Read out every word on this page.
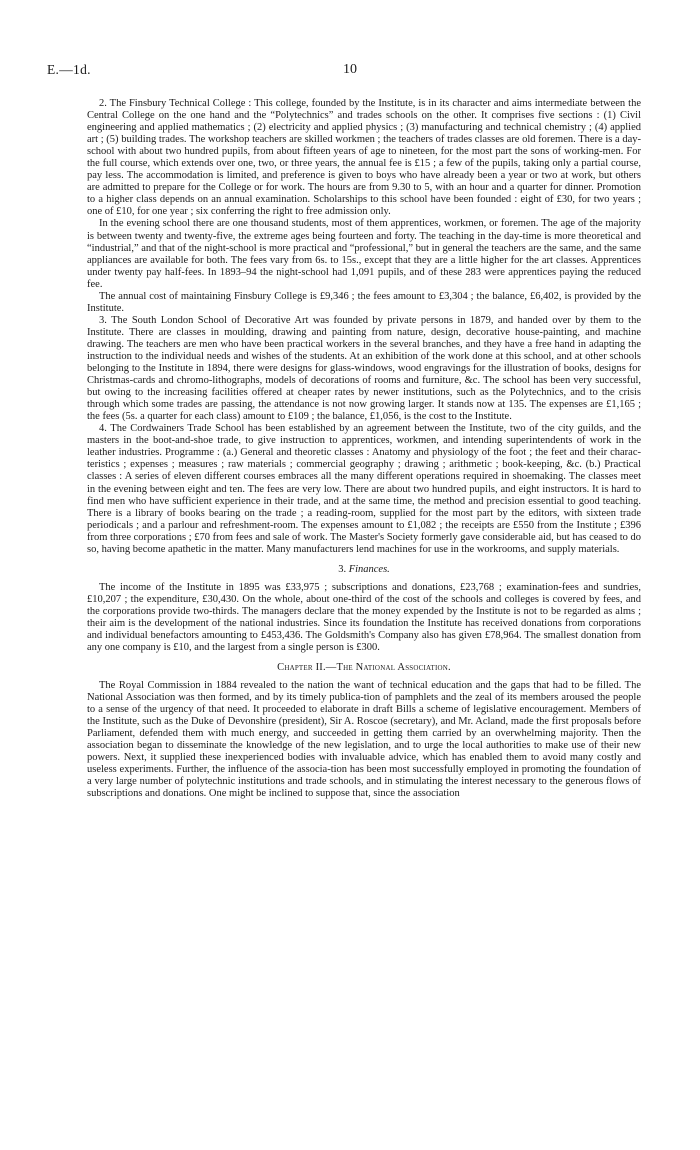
E.—1d.	10

2. The Finsbury Technical College : This college, founded by the Institute, is in its character and aims intermediate between the Central College on the one hand and the “Polytechnics” and trades schools on the other. It comprises five sections : (1) Civil engineering and applied mathematics ; (2) electricity and applied physics ; (3) manufacturing and technical chemistry ; (4) applied art ; (5) building trades. The workshop teachers are skilled workmen ; the teachers of trades classes are old foremen. There is a day-school with about two hundred pupils, from about fifteen years of age to nineteen, for the most part the sons of working-men. For the full course, which extends over one, two, or three years, the annual fee is £15 ; a few of the pupils, taking only a partial course, pay less. The accommodation is limited, and preference is given to boys who have already been a year or two at work, but others are admitted to prepare for the College or for work. The hours are from 9.30 to 5, with an hour and a quarter for dinner. Promotion to a higher class depends on an annual examination. Scholarships to this school have been founded : eight of £30, for two years ; one of £10, for one year ; six conferring the right to free admission only.

In the evening school there are one thousand students, most of them apprentices, workmen, or foremen. The age of the majority is between twenty and twenty-five, the extreme ages being fourteen and forty. The teaching in the day-time is more theoretical and “industrial,” and that of the night-school is more practical and “professional,” but in general the teachers are the same, and the same appliances are available for both. The fees vary from 6s. to 15s., except that they are a little higher for the art classes. Apprentices under twenty pay half-fees. In 1893–94 the night-school had 1,091 pupils, and of these 283 were apprentices paying the reduced fee.

The annual cost of maintaining Finsbury College is £9,346 ; the fees amount to £3,304 ; the balance, £6,402, is provided by the Institute.

3. The South London School of Decorative Art was founded by private persons in 1879, and handed over by them to the Institute. There are classes in moulding, drawing and painting from nature, design, decorative house-painting, and machine drawing. The teachers are men who have been practical workers in the several branches, and they have a free hand in adapting the instruction to the individual needs and wishes of the students. At an exhibition of the work done at this school, and at other schools belonging to the Institute in 1894, there were designs for glass-windows, wood engravings for the illustration of books, designs for Christmas-cards and chromo-lithographs, models of decorations of rooms and furniture, &c. The school has been very successful, but owing to the increasing facilities offered at cheaper rates by newer institutions, such as the Polytechnics, and to the crisis through which some trades are passing, the attendance is not now growing larger. It stands now at 135. The expenses are £1,165 ; the fees (5s. a quarter for each class) amount to £109 ; the balance, £1,056, is the cost to the Institute.

4. The Cordwainers Trade School has been established by an agreement between the Institute, two of the city guilds, and the masters in the boot-and-shoe trade, to give instruction to apprentices, workmen, and intending superintendents of work in the leather industries. Programme : (a.) General and theoretic classes : Anatomy and physiology of the foot ; the feet and their charac-teristics ; expenses ; measures ; raw materials ; commercial geography ; drawing ; arithmetic ; book-keeping, &c. (b.) Practical classes : A series of eleven different courses embraces all the many different operations required in shoemaking. The classes meet in the evening between eight and ten. The fees are very low. There are about two hundred pupils, and eight instructors. It is hard to find men who have sufficient experience in their trade, and at the same time, the method and precision essential to good teaching. There is a library of books bearing on the trade ; a reading-room, supplied for the most part by the editors, with sixteen trade periodicals ; and a parlour and refreshment-room. The expenses amount to £1,082 ; the receipts are £550 from the Institute ; £396 from three corporations ; £70 from fees and sale of work. The Master's Society formerly gave considerable aid, but has ceased to do so, having become apathetic in the matter. Many manufacturers lend machines for use in the workrooms, and supply materials.

3. Finances.

The income of the Institute in 1895 was £33,975 ; subscriptions and donations, £23,768 ; examination-fees and sundries, £10,207 ; the expenditure, £30,430. On the whole, about one-third of the cost of the schools and colleges is covered by fees, and the corporations provide two-thirds. The managers declare that the money expended by the Institute is not to be regarded as alms ; their aim is the development of the national industries. Since its foundation the Institute has received donations from corporations and individual benefactors amounting to £453,436. The Goldsmith's Company also has given £78,964. The smallest donation from any one company is £10, and the largest from a single person is £300.

Chapter II.—The National Association.

The Royal Commission in 1884 revealed to the nation the want of technical education and the gaps that had to be filled. The National Association was then formed, and by its timely publica-tion of pamphlets and the zeal of its members aroused the people to a sense of the urgency of that need. It proceeded to elaborate in draft Bills a scheme of legislative encouragement. Members of the Institute, such as the Duke of Devonshire (president), Sir A. Roscoe (secretary), and Mr. Acland, made the first proposals before Parliament, defended them with much energy, and succeeded in getting them carried by an overwhelming majority. Then the association began to disseminate the knowledge of the new legislation, and to urge the local authorities to make use of their new powers. Next, it supplied these inexperienced bodies with invaluable advice, which has enabled them to avoid many costly and useless experiments. Further, the influence of the associa-tion has been most successfully employed in promoting the foundation of a very large number of polytechnic institutions and trade schools, and in stimulating the interest necessary to the generous flows of subscriptions and donations. One might be inclined to suppose that, since the association
